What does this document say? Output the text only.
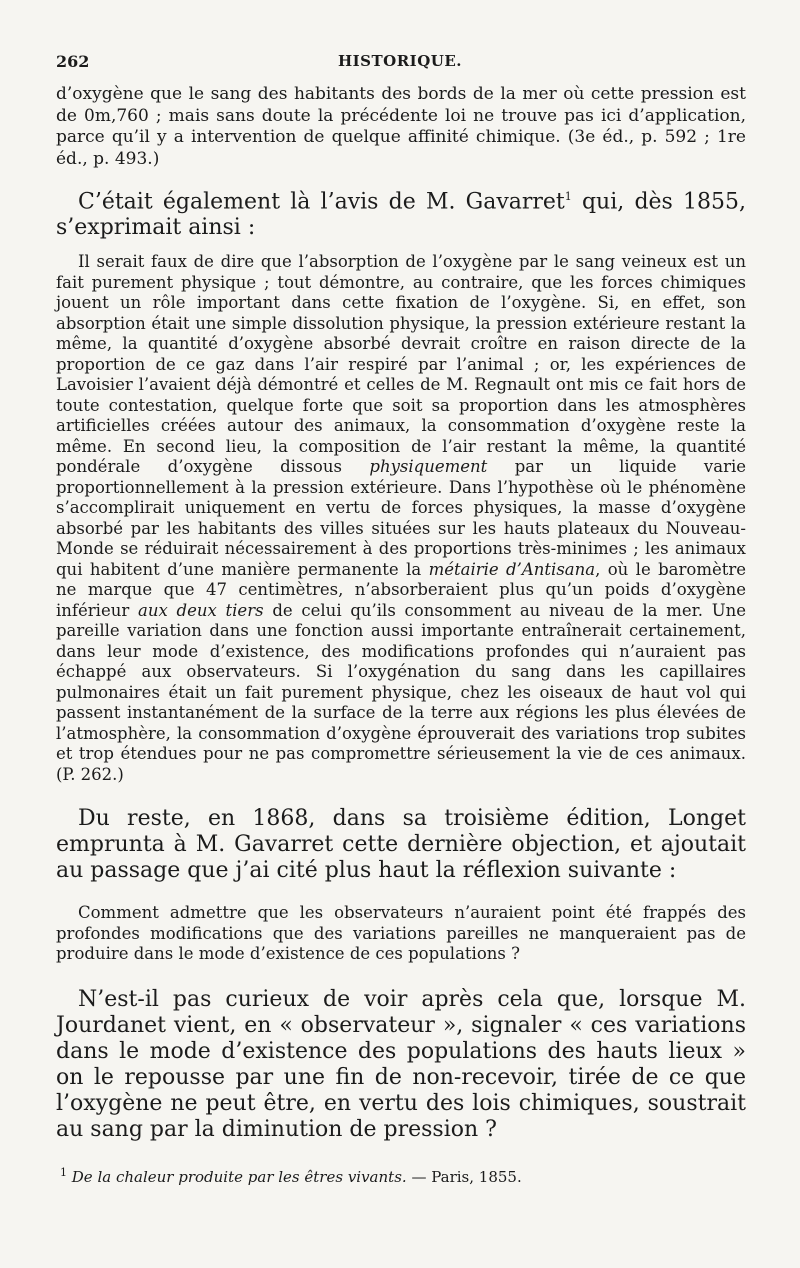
262	HISTORIQUE.
d’oxygène que le sang des habitants des bords de la mer où cette pression est de 0m,760 ; mais sans doute la précédente loi ne trouve pas ici d’application, parce qu’il y a intervention de quelque affinité chimique. (3e éd., p. 592 ; 1re éd., p. 493.)
C’était également là l’avis de M. Gavarret$^1$ qui, dès 1855, s’exprimait ainsi :
Il serait faux de dire que l’absorption de l’oxygène par le sang veineux est un fait purement physique ; tout démontre, au contraire, que les forces chimiques jouent un rôle important dans cette fixation de l’oxygène. Si, en effet, son absorption était une simple dissolution physique, la pression extérieure restant la même, la quantité d’oxygène absorbé devrait croître en raison directe de la proportion de ce gaz dans l’air respiré par l’animal ; or, les expériences de Lavoisier l’avaient déjà démontré et celles de M. Regnault ont mis ce fait hors de toute contestation, quelque forte que soit sa proportion dans les atmosphères artificielles créées autour des animaux, la consommation d’oxygène reste la même. En second lieu, la composition de l’air restant la même, la quantité pondérale d’oxygène dissous physiquement par un liquide varie proportionnellement à la pression extérieure. Dans l’hypothèse où le phénomène s’accomplirait uniquement en vertu de forces physiques, la masse d’oxygène absorbé par les habitants des villes situées sur les hauts plateaux du Nouveau-Monde se réduirait nécessairement à des proportions très-minimes ; les animaux qui habitent d’une manière permanente la métairie d’Antisana, où le baromètre ne marque que 47 centimètres, n’absorberaient plus qu’un poids d’oxygène inférieur aux deux tiers de celui qu’ils consomment au niveau de la mer. Une pareille variation dans une fonction aussi importante entraînerait certainement, dans leur mode d’existence, des modifications profondes qui n’auraient pas échappé aux observateurs. Si l’oxygénation du sang dans les capillaires pulmonaires était un fait purement physique, chez les oiseaux de haut vol qui passent instantanément de la surface de la terre aux régions les plus élevées de l’atmosphère, la consommation d’oxygène éprouverait des variations trop subites et trop étendues pour ne pas compromettre sérieusement la vie de ces animaux. (P. 262.)
Du reste, en 1868, dans sa troisième édition, Longet emprunta à M. Gavarret cette dernière objection, et ajoutait au passage que j’ai cité plus haut la réflexion suivante :
Comment admettre que les observateurs n’auraient point été frappés des profondes modifications que des variations pareilles ne manqueraient pas de produire dans le mode d’existence de ces populations ?
N’est-il pas curieux de voir après cela que, lorsque M. Jourdanet vient, en « observateur », signaler « ces variations dans le mode d’existence des populations des hauts lieux » on le repousse par une fin de non-recevoir, tirée de ce que l’oxygène ne peut être, en vertu des lois chimiques, soustrait au sang par la diminution de pression ?
$^1$ De la chaleur produite par les êtres vivants. — Paris, 1855.
